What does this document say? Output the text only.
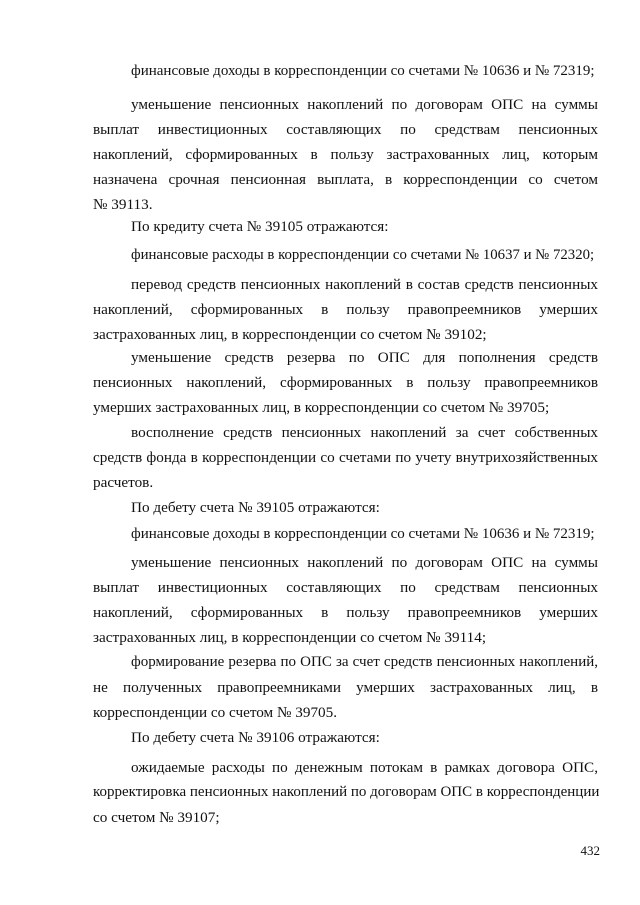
финансовые доходы в корреспонденции со счетами № 10636 и № 72319;
уменьшение пенсионных накоплений по договорам ОПС на суммы
выплат инвестиционных составляющих по средствам пенсионных
накоплений, сформированных в пользу застрахованных лиц, которым
назначена срочная пенсионная выплата, в корреспонденции со счетом
№ 39113.
По кредиту счета № 39105 отражаются:
финансовые расходы в корреспонденции со счетами № 10637 и № 72320;
перевод средств пенсионных накоплений в состав средств пенсионных
накоплений, сформированных в пользу правопреемников умерших
застрахованных лиц, в корреспонденции со счетом № 39102;
уменьшение средств резерва по ОПС для пополнения средств
пенсионных накоплений, сформированных в пользу правопреемников
умерших застрахованных лиц, в корреспонденции со счетом № 39705;
восполнение средств пенсионных накоплений за счет собственных
средств фонда в корреспонденции со счетами по учету внутрихозяйственных
расчетов.
По дебету счета № 39105 отражаются:
финансовые доходы в корреспонденции со счетами № 10636 и № 72319;
уменьшение пенсионных накоплений по договорам ОПС на суммы
выплат инвестиционных составляющих по средствам пенсионных
накоплений, сформированных в пользу правопреемников умерших
застрахованных лиц, в корреспонденции со счетом № 39114;
формирование резерва по ОПС за счет средств пенсионных накоплений,
не полученных правопреемниками умерших застрахованных лиц, в
корреспонденции со счетом № 39705.
По дебету счета № 39106 отражаются:
ожидаемые расходы по денежным потокам в рамках договора ОПС,
корректировка пенсионных накоплений по договорам ОПС в корреспонденции
со счетом № 39107;
432
